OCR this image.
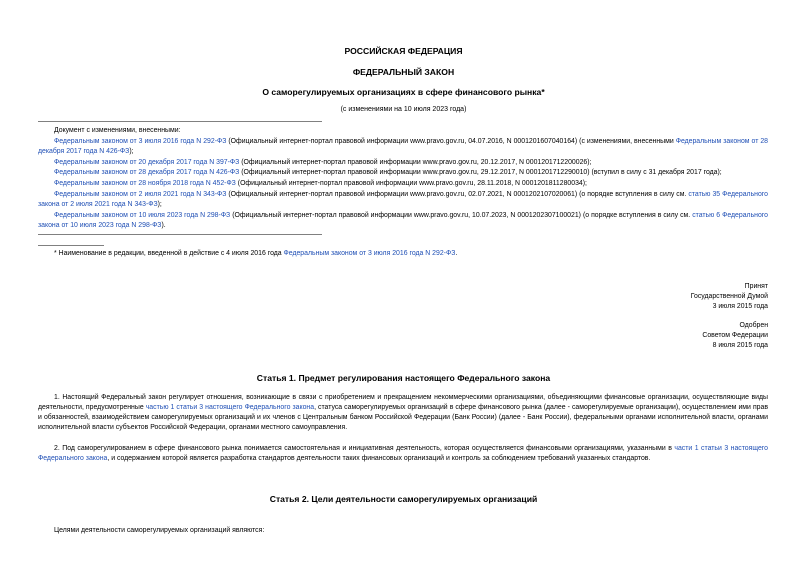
РОССИЙСКАЯ ФЕДЕРАЦИЯ
ФЕДЕРАЛЬНЫЙ ЗАКОН
О саморегулируемых организациях в сфере финансового рынка*
(с изменениями на 10 июля 2023 года)
Документ с изменениями, внесенными:
Федеральным законом от 3 июля 2016 года N 292-ФЗ (Официальный интернет-портал правовой информации www.pravo.gov.ru, 04.07.2016, N 0001201607040164) (с изменениями, внесенными Федеральным законом от 28 декабря 2017 года N 426-ФЗ);
Федеральным законом от 20 декабря 2017 года N 397-ФЗ (Официальный интернет-портал правовой информации www.pravo.gov.ru, 20.12.2017, N 0001201712200026);
Федеральным законом от 28 декабря 2017 года N 426-ФЗ (Официальный интернет-портал правовой информации www.pravo.gov.ru, 29.12.2017, N 0001201712290010) (вступил в силу с 31 декабря 2017 года);
Федеральным законом от 28 ноября 2018 года N 452-ФЗ (Официальный интернет-портал правовой информации www.pravo.gov.ru, 28.11.2018, N 0001201811280034);
Федеральным законом от 2 июля 2021 года N 343-ФЗ (Официальный интернет-портал правовой информации www.pravo.gov.ru, 02.07.2021, N 0001202107020061) (о порядке вступления в силу см. статью 35 Федерального закона от 2 июля 2021 года N 343-ФЗ);
Федеральным законом от 10 июля 2023 года N 298-ФЗ (Официальный интернет-портал правовой информации www.pravo.gov.ru, 10.07.2023, N 0001202307100021) (о порядке вступления в силу см. статью 6 Федерального закона от 10 июля 2023 года N 298-ФЗ).
* Наименование в редакции, введенной в действие с 4 июля 2016 года Федеральным законом от 3 июля 2016 года N 292-ФЗ.
Принят
Государственной Думой
3 июля 2015 года
Одобрен
Советом Федерации
8 июля 2015 года
Статья 1. Предмет регулирования настоящего Федерального закона
1. Настоящий Федеральный закон регулирует отношения, возникающие в связи с приобретением и прекращением некоммерческими организациями, объединяющими финансовые организации, осуществляющие виды деятельности, предусмотренные частью 1 статьи 3 настоящего Федерального закона, статуса саморегулируемых организаций в сфере финансового рынка (далее - саморегулируемые организации), осуществлением ими прав и обязанностей, взаимодействием саморегулируемых организаций и их членов с Центральным банком Российской Федерации (Банк России) (далее - Банк России), федеральными органами исполнительной власти, органами исполнительной власти субъектов Российской Федерации, органами местного самоуправления.
2. Под саморегулированием в сфере финансового рынка понимается самостоятельная и инициативная деятельность, которая осуществляется финансовыми организациями, указанными в части 1 статьи 3 настоящего Федерального закона, и содержанием которой является разработка стандартов деятельности таких финансовых организаций и контроль за соблюдением требований указанных стандартов.
Статья 2. Цели деятельности саморегулируемых организаций
Целями деятельности саморегулируемых организаций являются:
